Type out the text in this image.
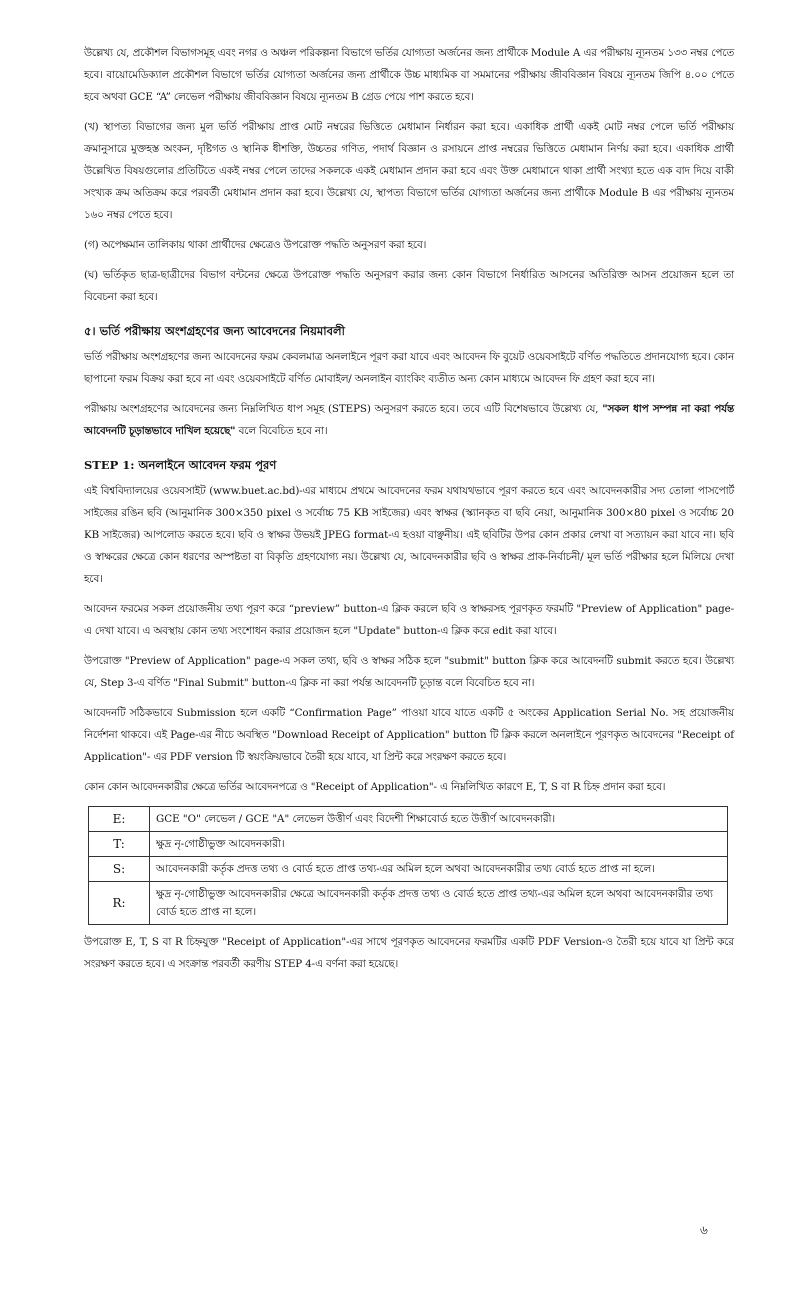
উল্লেখ্য যে, প্রকৌশল বিভাগসমূহ এবং নগর ও অঞ্চল পরিকল্পনা বিভাগে ভর্তির যোগ্যতা অর্জনের জন্য প্রার্থীকে Module A এর পরীক্ষায় ন্যূনতম ১৩৩ নম্বর পেতে হবে। বায়োমেডিক্যাল প্রকৌশল বিভাগে ভর্তির যোগ্যতা অর্জনের জন্য প্রার্থীকে উচ্চ মাধ্যমিক বা সমমানের পরীক্ষায় জীববিজ্ঞান বিষয়ে ন্যূনতম জিপি ৪.০০ পেতে হবে অথবা GCE “A” লেভেল পরীক্ষায় জীববিজ্ঞান বিষয়ে ন্যূনতম B গ্রেড পেয়ে পাশ করতে হবে।

(খ) স্থাপত্য বিভাগের জন্য মুল ভর্তি পরীক্ষায় প্রাপ্ত মোট নম্বরের ভিত্তিতে মেধামান নির্ধারন করা হবে। একাধিক প্রার্থী একই মোট নম্বর পেলে ভর্তি পরীক্ষায় ক্রমানুসারে মুক্তহস্ত অংকন, দৃষ্টিগত ও স্থানিক ধীশক্তি, উচ্চতর গণিত, পদার্থ বিজ্ঞান ও রসায়নে প্রাপ্ত নম্বরের ভিত্তিতে মেধামান নির্ণয় করা হবে। একাধিক প্রার্থী উল্লেখিত বিষয়গুলোর প্রতিটিতে একই নম্বর পেলে তাদের সকলকে একই মেধামান প্রদান করা হবে এবং উক্ত মেধামানে থাকা প্রার্থী সংখ্যা হতে এক বাদ দিয়ে বাকী সংখ্যক ক্রম অতিক্রম করে পরবর্তী মেধামান প্রদান করা হবে। উল্লেখ্য যে, স্থাপত্য বিভাগে ভর্তির যোগ্যতা অর্জনের জন্য প্রার্থীকে Module B এর পরীক্ষায় ন্যূনতম ১৬০ নম্বর পেতে হবে।

(গ) অপেক্ষমান তালিকায় থাকা প্রার্থীদের ক্ষেত্রেও উপরোক্ত পদ্ধতি অনুসরণ করা হবে।

(ঘ) ভর্তিকৃত ছাত্র-ছাত্রীদের বিভাগ বন্টনের ক্ষেত্রে উপরোক্ত পদ্ধতি অনুসরণ করার জন্য কোন বিভাগে নির্ধারিত আসনের অতিরিক্ত আসন প্রয়োজন হলে তা বিবেচনা করা হবে।

৫। ভর্তি পরীক্ষায় অংশগ্রহণের জন্য আবেদনের নিয়মাবলী

ভর্তি পরীক্ষায় অংশগ্রহণের জন্য আবেদনের ফরম কেবলমাত্র অনলাইনে পূরণ করা যাবে এবং আবেদন ফি বুয়েট ওয়েবসাইটে বর্ণিত পদ্ধতিতে প্রদানযোগ্য হবে। কোন ছাপানো ফরম বিক্রয় করা হবে না এবং ওয়েবসাইটে বর্ণিত মোবাইল/ অনলাইন ব্যাংকিং ব্যতীত অন্য কোন মাধ্যমে আবেদন ফি গ্রহণ করা হবে না।

পরীক্ষায় অংশগ্রহণের আবেদনের জন্য নিম্নলিখিত ধাপ সমূহ (STEPS) অনুসরণ করতে হবে। তবে এটি বিশেষভাবে উল্লেখ্য যে, "সকল ধাপ সম্পন্ন না করা পর্যন্ত আবেদনটি চূড়ান্তভাবে দাখিল হয়েছে" বলে বিবেচিত হবে না।

STEP 1: অনলাইনে আবেদন ফরম পূরণ

এই বিশ্ববিদ্যালয়ের ওয়েবসাইট (www.buet.ac.bd)-এর মাধ্যমে প্রথমে আবেদনের ফরম যথাযথভাবে পূরণ করতে হবে এবং আবেদনকারীর সদ্য তোলা পাসপোর্ট সাইজের রঙিন ছবি (আনুমানিক 300×350 pixel ও সর্বোচ্চ 75 KB সাইজের) এবং স্বাক্ষর (স্ক্যানকৃত বা ছবি নেয়া, আনুমানিক 300×80 pixel ও সর্বোচ্চ 20 KB সাইজের) আপলোড করতে হবে। ছবি ও স্বাক্ষর উভয়ই JPEG format-এ হওয়া বাঞ্ছনীয়। এই ছবিটির উপর কোন প্রকার লেখা বা সত্যায়ন করা যাবে না। ছবি ও স্বাক্ষরের ক্ষেত্রে কোন ধরণের অস্পষ্টতা বা বিকৃতি গ্রহণযোগ্য নয়। উল্লেখ্য যে, আবেদনকারীর ছবি ও স্বাক্ষর প্রাক-নির্বাচনী/ মূল ভর্তি পরীক্ষার হলে মিলিয়ে দেখা হবে।

আবেদন ফরমের সকল প্রয়োজনীয় তথ্য পূরণ করে “preview” button-এ ক্লিক করলে ছবি ও স্বাক্ষরসহ পূরণকৃত ফরমটি "Preview of Application" page-এ দেখা যাবে। এ অবস্থায় কোন তথ্য সংশোধন করার প্রয়োজন হলে "Update" button-এ ক্লিক করে edit করা যাবে।

উপরোক্ত "Preview of Application" page-এ সকল তথ্য, ছবি ও স্বাক্ষর সঠিক হলে "submit" button ক্লিক করে আবেদনটি submit করতে হবে। উল্লেখ্য যে, Step 3-এ বর্ণিত "Final Submit" button-এ ক্লিক না করা পর্যন্ত আবেদনটি চূড়ান্ত বলে বিবেচিত হবে না।

আবেদনটি সঠিকভাবে Submission হলে একটি “Confirmation Page” পাওয়া যাবে যাতে একটি ৫ অংকের Application Serial No. সহ প্রয়োজনীয় নির্দেশনা থাকবে। এই Page-এর নীচে অবস্থিত "Download Receipt of Application" button টি ক্লিক করলে অনলাইনে পূরণকৃত আবেদনের "Receipt of Application"- এর PDF version টি স্বয়ংক্রিয়ভাবে তৈরী হয়ে যাবে, যা প্রিন্ট করে সংরক্ষণ করতে হবে।

কোন কোন আবেদনকারীর ক্ষেত্রে ভর্তির আবেদনপত্রে ও "Receipt of Application"- এ নিম্নলিখিত কারণে E, T, S বা R চিহ্ন প্রদান করা হবে।

E:	GCE "O" লেভেল / GCE "A" লেভেল উত্তীর্ণ এবং বিদেশী শিক্ষাবোর্ড হতে উত্তীর্ণ আবেদনকারী।
T:	ক্ষুদ্র নৃ-গোষ্ঠীভুক্ত আবেদনকারী।
S:	আবেদনকারী কর্তৃক প্রদত্ত তথ্য ও বোর্ড হতে প্রাপ্ত তথ্য-এর অমিল হলে অথবা আবেদনকারীর তথ্য বোর্ড হতে প্রাপ্ত না হলে।
R:	ক্ষুদ্র নৃ-গোষ্ঠীভুক্ত আবেদনকারীর ক্ষেত্রে আবেদনকারী কর্তৃক প্রদত্ত তথ্য ও বোর্ড হতে প্রাপ্ত তথ্য-এর অমিল হলে অথবা আবেদনকারীর তথ্য বোর্ড হতে প্রাপ্ত না হলে।

উপরোক্ত E, T, S বা R চিহ্নযুক্ত "Receipt of Application"-এর সাথে পূরণকৃত আবেদনের ফরমটির একটি PDF Version-ও তৈরী হয়ে যাবে যা প্রিন্ট করে সংরক্ষণ করতে হবে। এ সংক্রান্ত পরবর্তী করণীয় STEP 4-এ বর্ণনা করা হয়েছে।

৬
